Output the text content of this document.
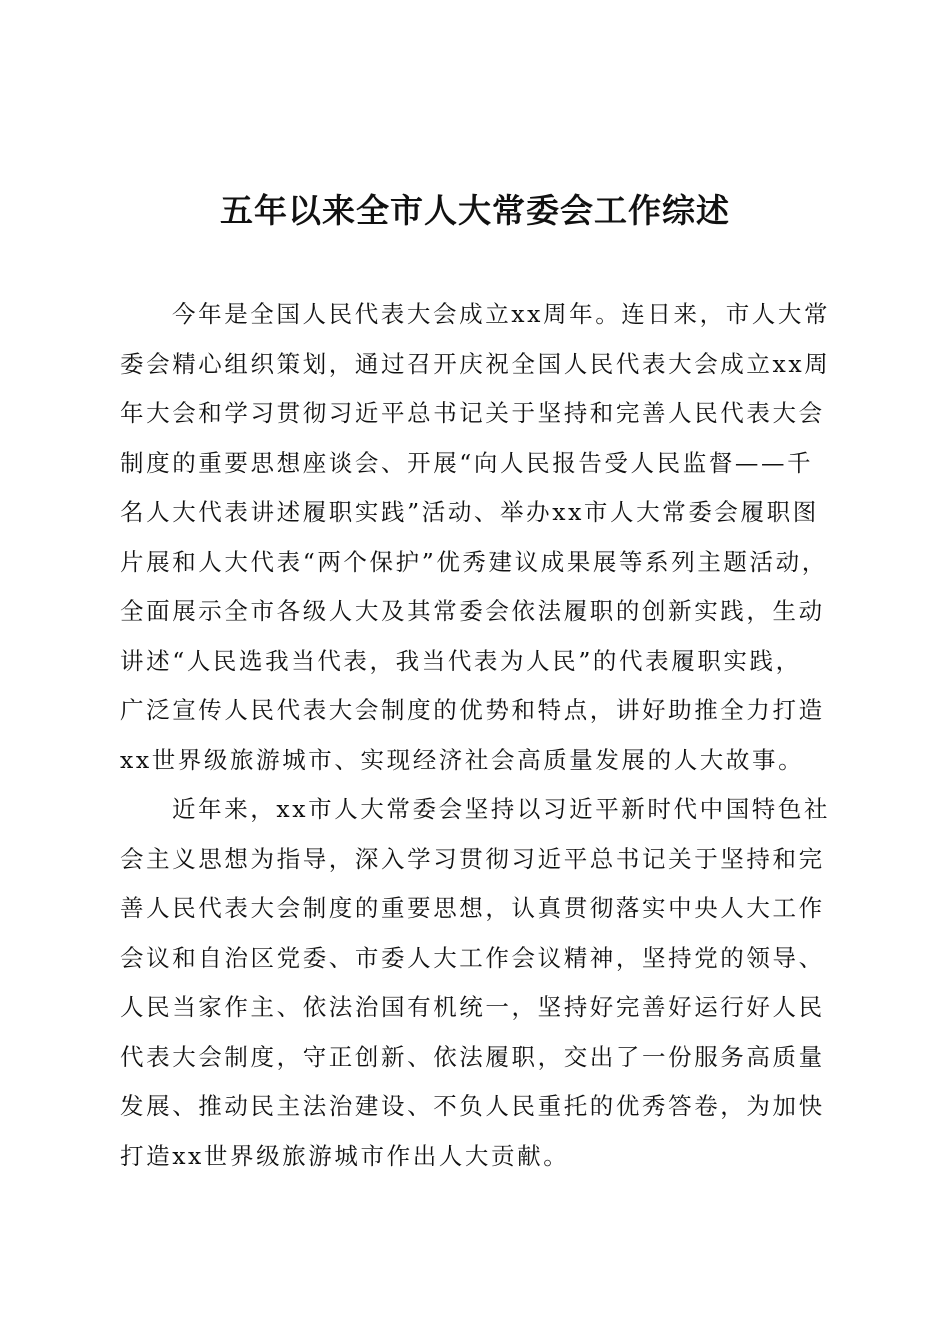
五年以来全市人大常委会工作综述

今年是全国人民代表大会成立xx周年。连日来，市人大常
委会精心组织策划，通过召开庆祝全国人民代表大会成立xx周
年大会和学习贯彻习近平总书记关于坚持和完善人民代表大会
制度的重要思想座谈会、开展“向人民报告受人民监督——千
名人大代表讲述履职实践”活动、举办xx市人大常委会履职图
片展和人大代表“两个保护”优秀建议成果展等系列主题活动，
全面展示全市各级人大及其常委会依法履职的创新实践，生动
讲述“人民选我当代表，我当代表为人民”的代表履职实践，
广泛宣传人民代表大会制度的优势和特点，讲好助推全力打造
xx世界级旅游城市、实现经济社会高质量发展的人大故事。

近年来，xx市人大常委会坚持以习近平新时代中国特色社
会主义思想为指导，深入学习贯彻习近平总书记关于坚持和完
善人民代表大会制度的重要思想，认真贯彻落实中央人大工作
会议和自治区党委、市委人大工作会议精神，坚持党的领导、
人民当家作主、依法治国有机统一，坚持好完善好运行好人民
代表大会制度，守正创新、依法履职，交出了一份服务高质量
发展、推动民主法治建设、不负人民重托的优秀答卷，为加快
打造xx世界级旅游城市作出人大贡献。
